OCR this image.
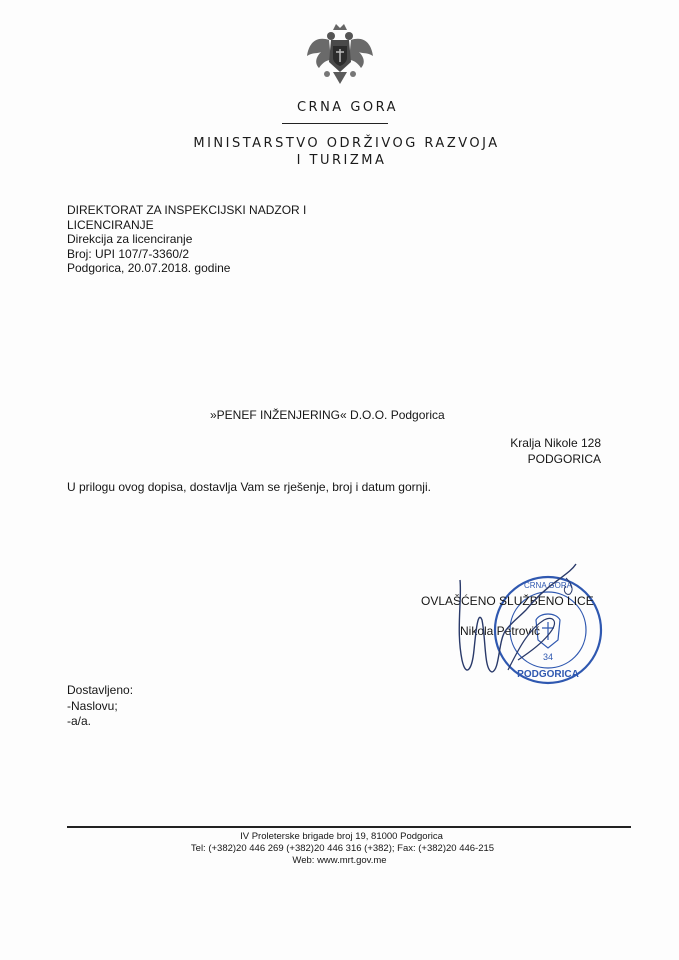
CRNA GORA
MINISTARSTVO ODRŽIVOG RAZVOJA
I TURIZMA
DIREKTORAT ZA INSPEKCIJSKI NADZOR I
LICENCIRANJE
Direkcija za licenciranje
Broj: UPI 107/7-3360/2
Podgorica, 20.07.2018. godine
»PENEF INŽENJERING« D.O.O. Podgorica
Kralja Nikole 128
PODGORICA
U prilogu ovog dopisa, dostavlja Vam se rješenje, broj i datum gornji.
CRNA GORA
34
PODGORICA
OVLAŠĆENO SLUŽBENO LICE
Nikola Petrović
Dostavljeno:
-Naslovu;
-a/a.
IV Proleterske brigade broj 19, 81000 Podgorica
Tel: (+382)20 446 269 (+382)20 446 316 (+382); Fax: (+382)20 446-215
Web: www.mrt.gov.me
